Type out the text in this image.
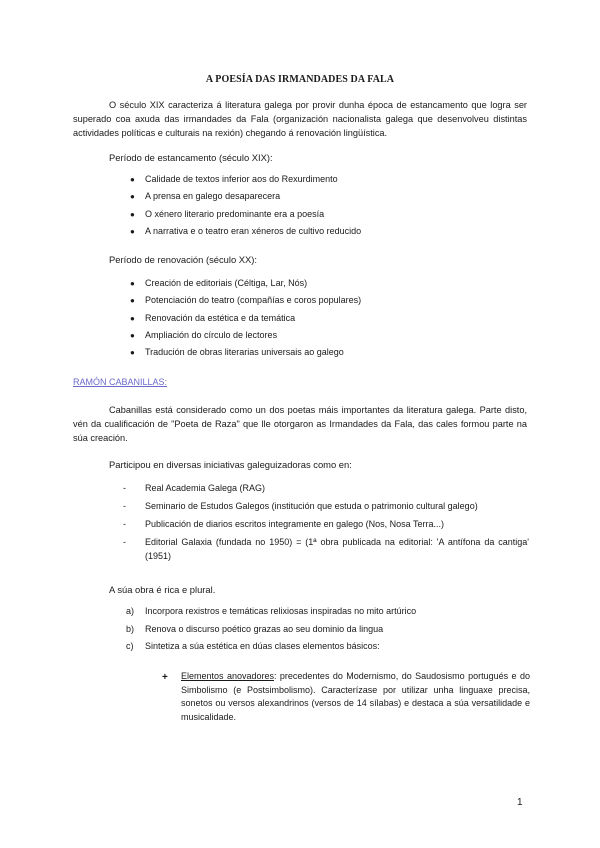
A POESÍA DAS IRMANDADES DA FALA
O século XIX caracteriza á literatura galega por provir dunha época de estancamento que logra ser superado coa axuda das irmandades da Fala (organización nacionalista galega que desenvolveu distintas actividades políticas e culturais na rexión) chegando á renovación lingüística.
Período de estancamento (século XIX):
● Calidade de textos inferior aos do Rexurdimento
● A prensa en galego desaparecera
● O xénero literario predominante era a poesía
● A narrativa e o teatro eran xéneros de cultivo reducido
Período de renovación (século XX):
● Creación de editoriais (Céltiga, Lar, Nós)
● Potenciación do teatro (compañías e coros populares)
● Renovación da estética e da temática
● Ampliación do círculo de lectores
● Tradución de obras literarias universais ao galego
RAMÓN CABANILLAS:
Cabanillas está considerado como un dos poetas máis importantes da literatura galega. Parte disto, vén da cualificación de "Poeta de Raza" que lle otorgaron as Irmandades da Fala, das cales formou parte na súa creación.
Participou en diversas iniciativas galeguizadoras como en:
- Real Academia Galega (RAG)
- Seminario de Estudos Galegos (institución que estuda o patrimonio cultural galego)
- Publicación de diarios escritos integramente en galego (Nos, Nosa Terra...)
- Editorial Galaxia (fundada no 1950) = (1ª obra publicada na editorial: 'A antífona da cantiga' (1951)
A súa obra é rica e plural.
a) Incorpora rexistros e temáticas relixiosas inspiradas no mito artúrico
b) Renova o discurso poético grazas ao seu dominio da lingua
c) Sintetiza a súa estética en dúas clases elementos básicos:
+ Elementos anovadores: precedentes do Modernismo, do Saudosismo portugués e do Simbolismo (e Postsimbolismo). Caracterízase por utilizar unha linguaxe precisa, sonetos ou versos alexandrinos (versos de 14 sílabas) e destaca a súa versatilidade e musicalidade.
1
